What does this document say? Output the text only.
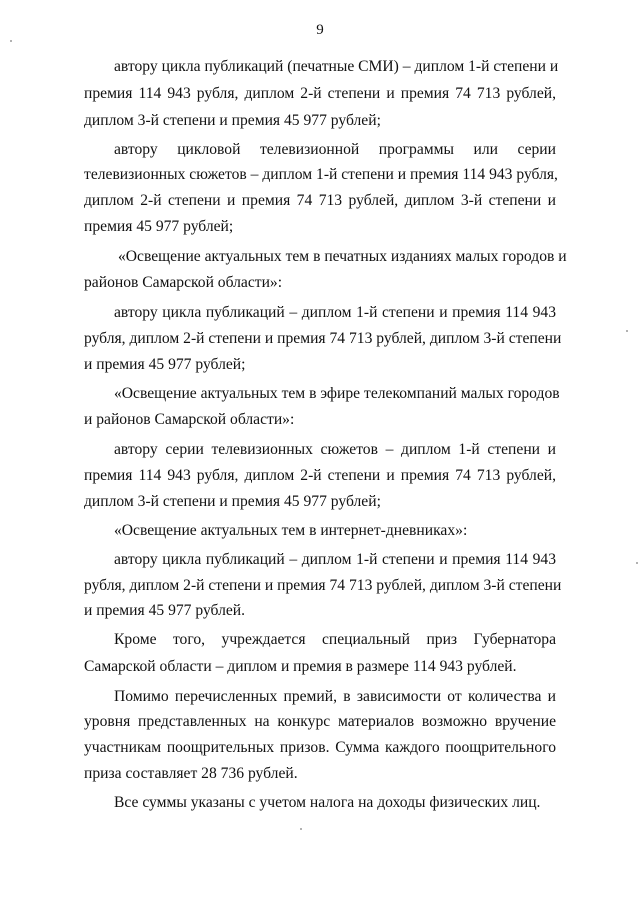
9
автору цикла публикаций (печатные СМИ) – диплом 1-й степени и
премия 114 943 рубля, диплом 2-й степени и премия 74 713 рублей,
диплом 3-й степени и премия 45 977 рублей;
автору цикловой телевизионной программы или серии
телевизионных сюжетов – диплом 1-й степени и премия 114 943 рубля,
диплом 2-й степени и премия 74 713 рублей, диплом 3-й степени и
премия 45 977 рублей;
«Освещение актуальных тем в печатных изданиях малых городов и
районов Самарской области»:
автору цикла публикаций – диплом 1-й степени и премия 114 943
рубля, диплом 2-й степени и премия 74 713 рублей, диплом 3-й степени
и премия 45 977 рублей;
«Освещение актуальных тем в эфире телекомпаний малых городов
и районов Самарской области»:
автору серии телевизионных сюжетов – диплом 1-й степени и
премия 114 943 рубля, диплом 2-й степени и премия 74 713 рублей,
диплом 3-й степени и премия 45 977 рублей;
«Освещение актуальных тем в интернет-дневниках»:
автору цикла публикаций – диплом 1-й степени и премия 114 943
рубля, диплом 2-й степени и премия 74 713 рублей, диплом 3-й степени
и премия 45 977 рублей.
Кроме того, учреждается специальный приз Губернатора
Самарской области – диплом и премия в размере 114 943 рублей.
Помимо перечисленных премий, в зависимости от количества и
уровня представленных на конкурс материалов возможно вручение
участникам поощрительных призов. Сумма каждого поощрительного
приза составляет 28 736 рублей.
Все суммы указаны с учетом налога на доходы физических лиц.
